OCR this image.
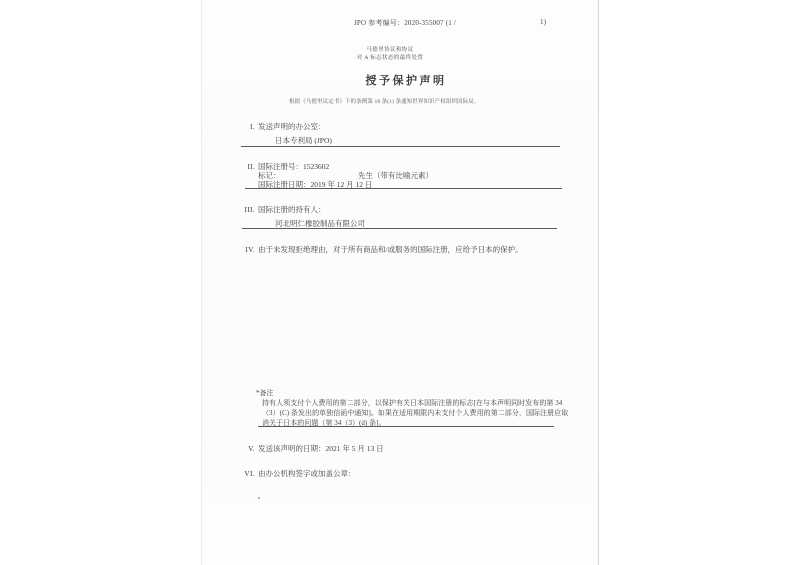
JPO 参考编号：2020-355007 (1 /	1)
马德里协议和协议
对 A 标志状态的最终处置
授予保护声明
根据《马德里议定书》下的条例第 18 条(1) 条通知世界知识产权组织国际局。
I. 发送声明的办公室：
日本专利局 (JPO)
II. 国际注册号：1523602
标记：	先生（带有比喻元素）
国际注册日期：2019 年 12 月 12 日
III. 国际注册的持有人：
河北明仁橡胶制品有限公司
IV. 由于未发现拒绝理由，对于所有商品和/或服务的国际注册，应给予日本的保护。
*备注
持有人须支付个人费用的第二部分，以保护有关日本国际注册的标志[在与本声明同时发布的第 34
（3）(C) 条发出的单独信函中通知]。如果在适用期限内未支付个人费用的第二部分，国际注册应取
消关于日本的问题（第 34（3）(d) 条]。
V. 发送该声明的日期：2021 年 5 月 13 日
VI. 由办公机构签字或加盖公章：
